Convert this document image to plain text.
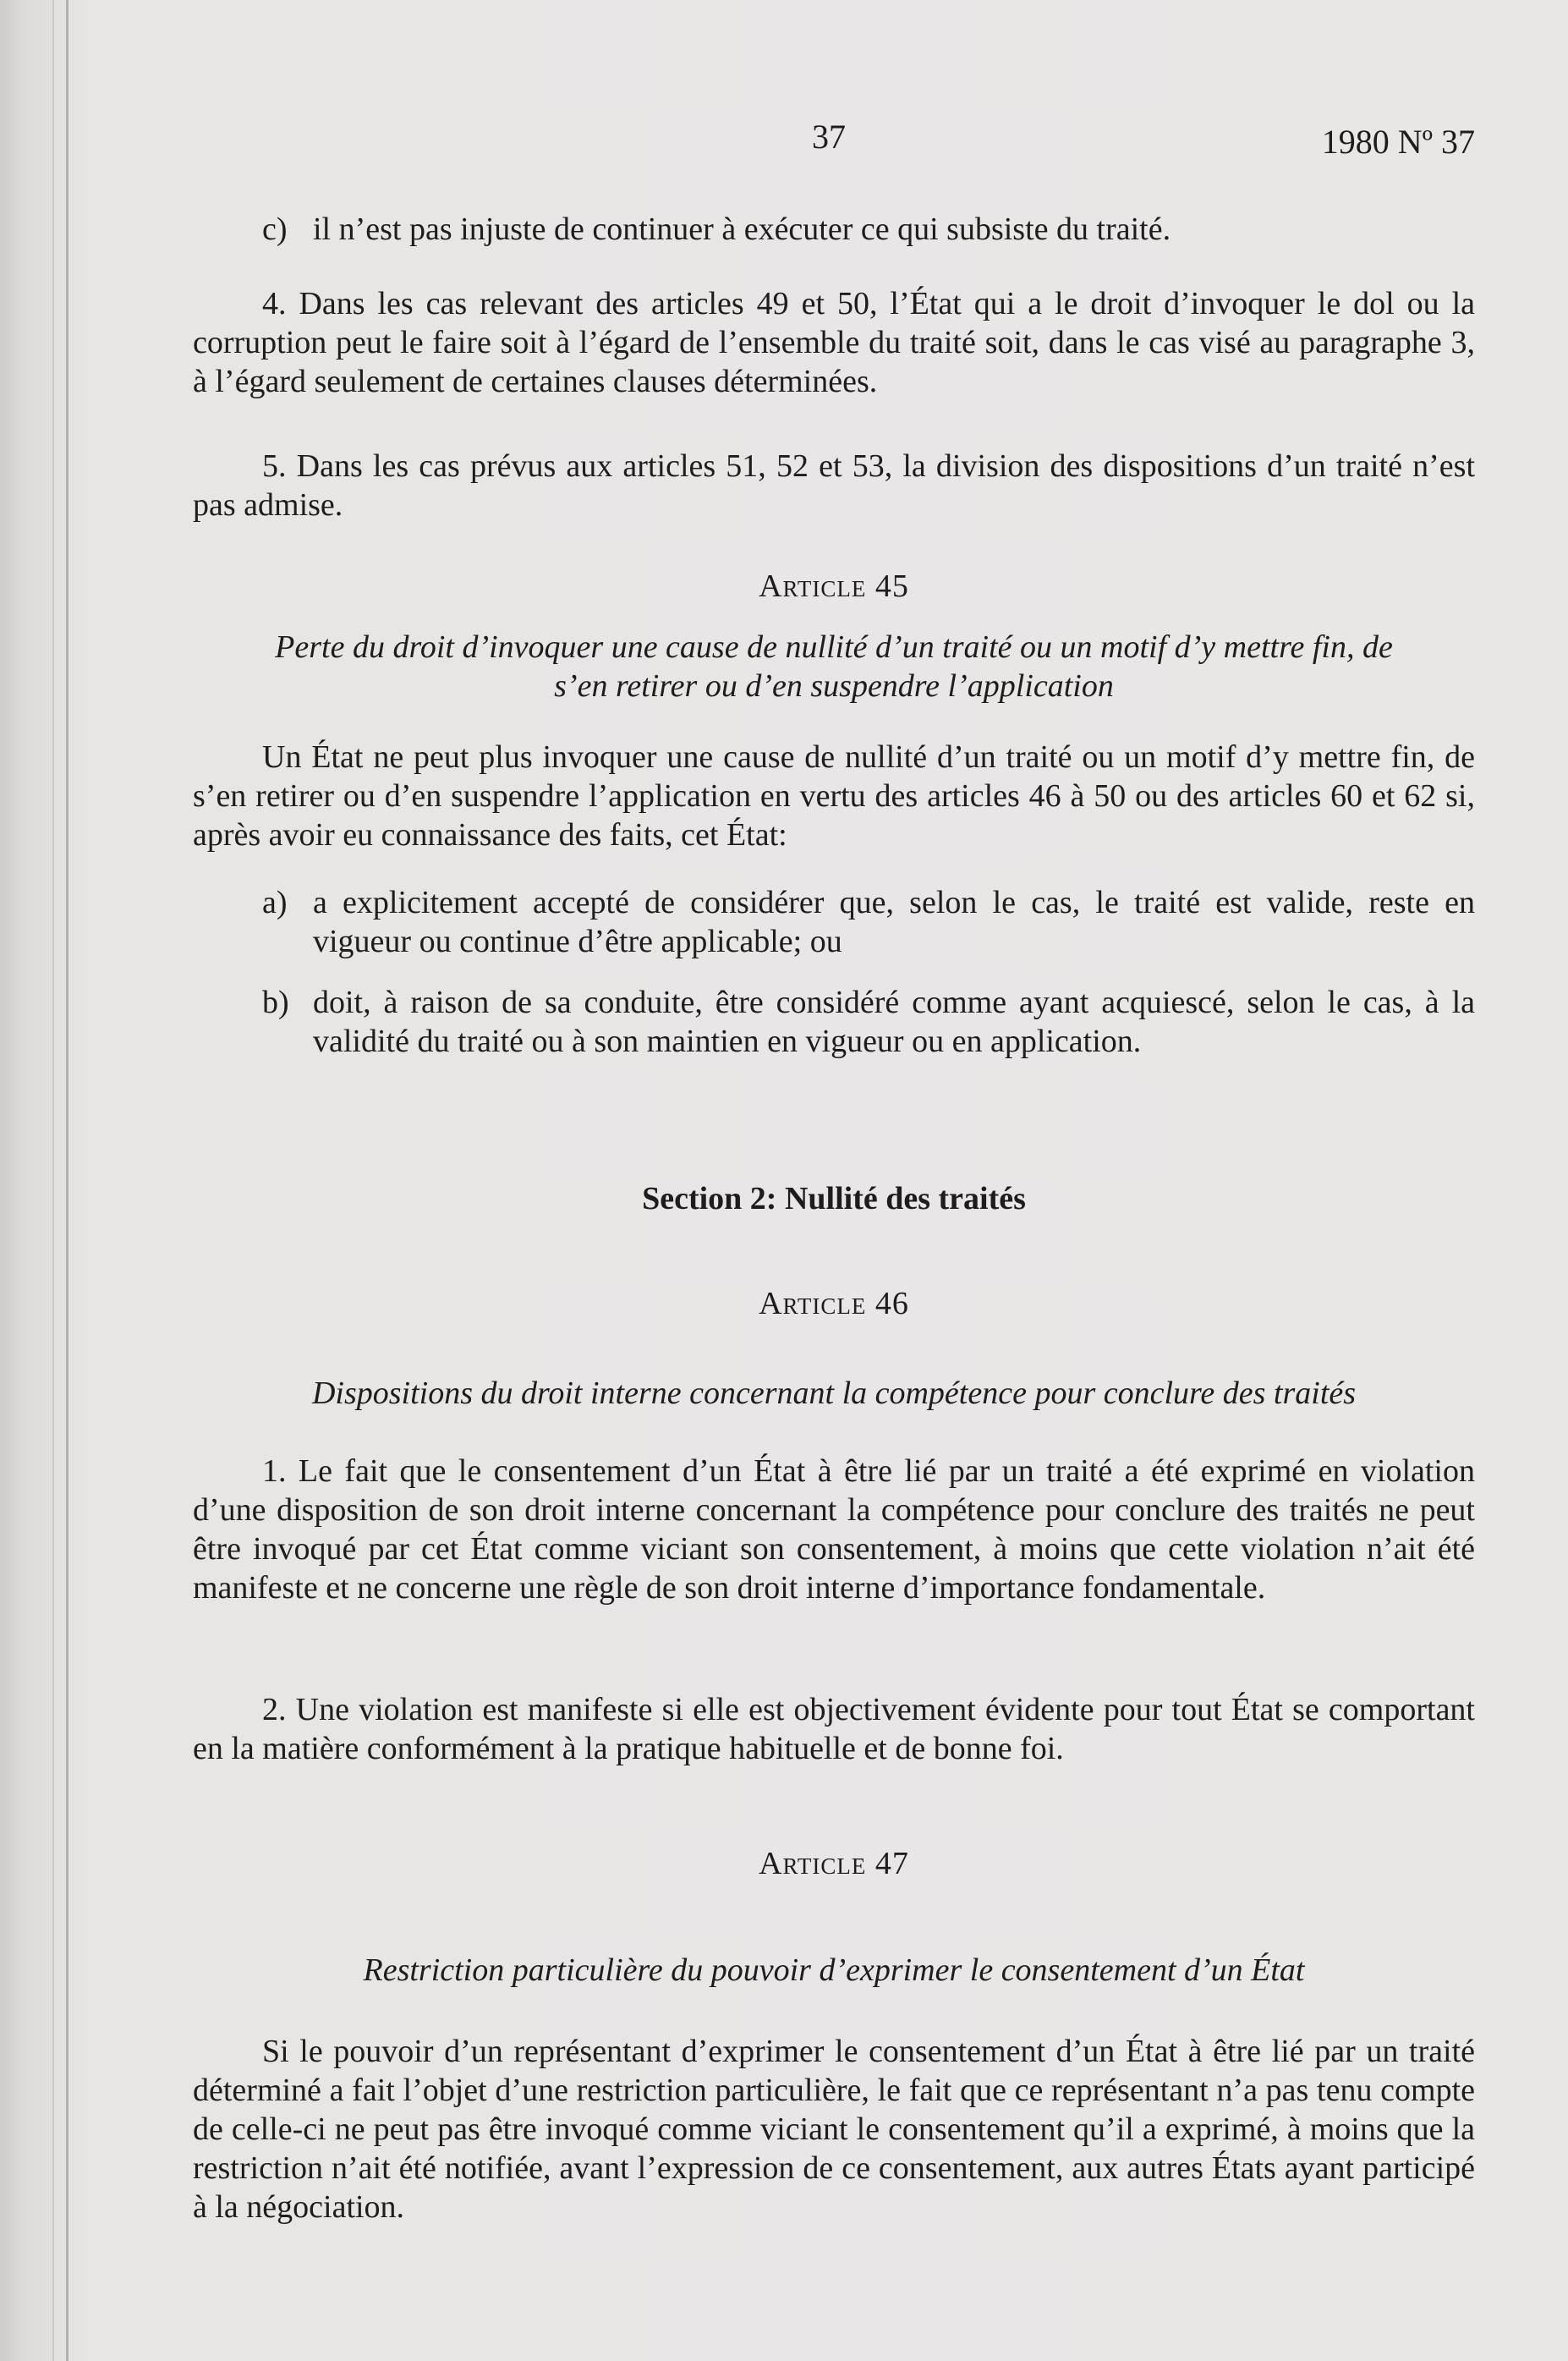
37	1980 Nº 37

c) il n’est pas injuste de continuer à exécuter ce qui subsiste du traité.

4. Dans les cas relevant des articles 49 et 50, l’État qui a le droit d’invoquer le dol ou la corruption peut le faire soit à l’égard de l’ensemble du traité soit, dans le cas visé au paragraphe 3, à l’égard seulement de certaines clauses déterminées.

5. Dans les cas prévus aux articles 51, 52 et 53, la division des dispositions d’un traité n’est pas admise.

Article 45
Perte du droit d’invoquer une cause de nullité d’un traité ou un motif d’y mettre fin, de s’en retirer ou d’en suspendre l’application

Un État ne peut plus invoquer une cause de nullité d’un traité ou un motif d’y mettre fin, de s’en retirer ou d’en suspendre l’application en vertu des articles 46 à 50 ou des articles 60 et 62 si, après avoir eu connaissance des faits, cet État:

a) a explicitement accepté de considérer que, selon le cas, le traité est valide, reste en vigueur ou continue d’être applicable; ou

b) doit, à raison de sa conduite, être considéré comme ayant acquiescé, selon le cas, à la validité du traité ou à son maintien en vigueur ou en application.

Section 2: Nullité des traités
Article 46
Dispositions du droit interne concernant la compétence pour conclure des traités

1. Le fait que le consentement d’un État à être lié par un traité a été exprimé en violation d’une disposition de son droit interne concernant la compétence pour conclure des traités ne peut être invoqué par cet État comme viciant son consentement, à moins que cette violation n’ait été manifeste et ne concerne une règle de son droit interne d’importance fondamentale.

2. Une violation est manifeste si elle est objectivement évidente pour tout État se comportant en la matière conformément à la pratique habituelle et de bonne foi.

Article 47
Restriction particulière du pouvoir d’exprimer le consentement d’un État

Si le pouvoir d’un représentant d’exprimer le consentement d’un État à être lié par un traité déterminé a fait l’objet d’une restriction particulière, le fait que ce représentant n’a pas tenu compte de celle-ci ne peut pas être invoqué comme viciant le consentement qu’il a exprimé, à moins que la restriction n’ait été notifiée, avant l’expression de ce consentement, aux autres États ayant participé à la négociation.
